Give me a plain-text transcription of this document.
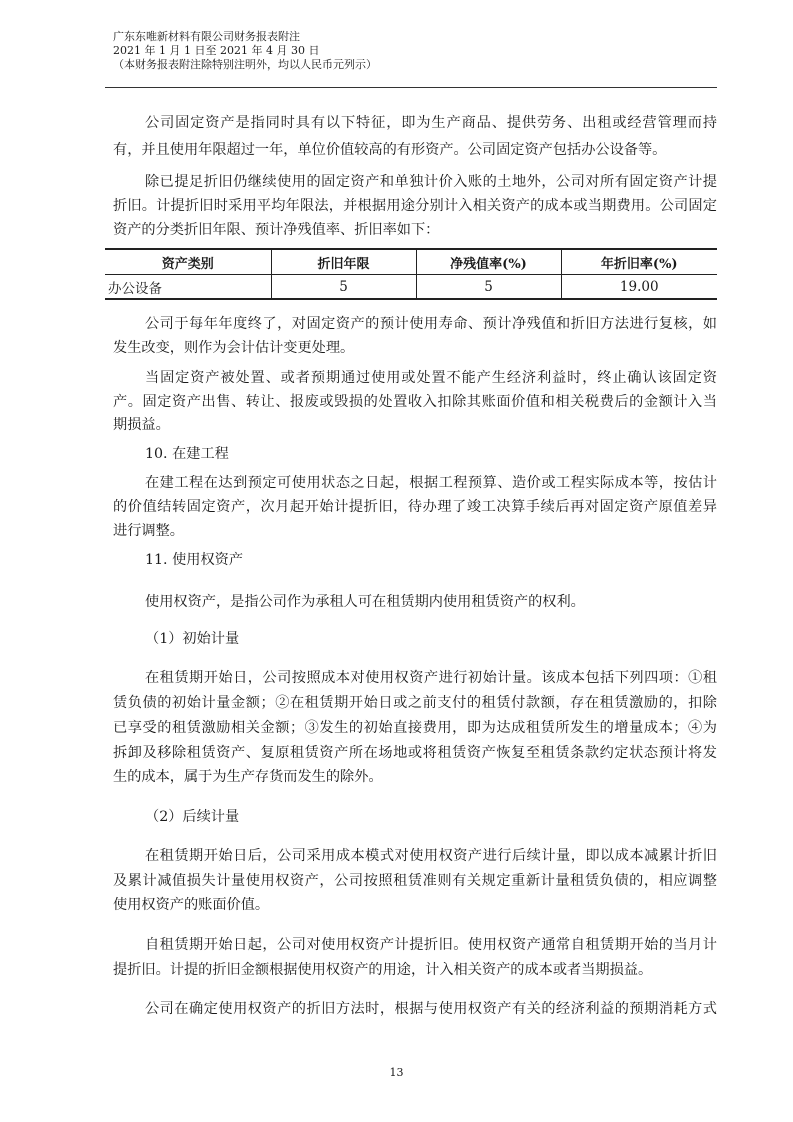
广东东唯新材料有限公司财务报表附注
2021 年 1 月 1 日至 2021 年 4 月 30 日
（本财务报表附注除特别注明外，均以人民币元列示）
公司固定资产是指同时具有以下特征，即为生产商品、提供劳务、出租或经营管理而持
有，并且使用年限超过一年，单位价值较高的有形资产。公司固定资产包括办公设备等。
除已提足折旧仍继续使用的固定资产和单独计价入账的土地外，公司对所有固定资产计提
折旧。计提折旧时采用平均年限法，并根据用途分别计入相关资产的成本或当期费用。公司固定
资产的分类折旧年限、预计净残值率、折旧率如下：
资产类别	折旧年限	净残值率(%)	年折旧率(%)
办公设备	5	5	19.00
公司于每年年度终了，对固定资产的预计使用寿命、预计净残值和折旧方法进行复核，如
发生改变，则作为会计估计变更处理。
当固定资产被处置、或者预期通过使用或处置不能产生经济利益时，终止确认该固定资
产。固定资产出售、转让、报废或毁损的处置收入扣除其账面价值和相关税费后的金额计入当
期损益。
10. 在建工程
在建工程在达到预定可使用状态之日起，根据工程预算、造价或工程实际成本等，按估计
的价值结转固定资产，次月起开始计提折旧，待办理了竣工决算手续后再对固定资产原值差异
进行调整。
11. 使用权资产
使用权资产，是指公司作为承租人可在租赁期内使用租赁资产的权利。
（1）初始计量
在租赁期开始日，公司按照成本对使用权资产进行初始计量。该成本包括下列四项：①租
赁负债的初始计量金额；②在租赁期开始日或之前支付的租赁付款额，存在租赁激励的，扣除
已享受的租赁激励相关金额；③发生的初始直接费用，即为达成租赁所发生的增量成本；④为
拆卸及移除租赁资产、复原租赁资产所在场地或将租赁资产恢复至租赁条款约定状态预计将发
生的成本，属于为生产存货而发生的除外。
（2）后续计量
在租赁期开始日后，公司采用成本模式对使用权资产进行后续计量，即以成本减累计折旧
及累计减值损失计量使用权资产，公司按照租赁准则有关规定重新计量租赁负债的，相应调整
使用权资产的账面价值。
自租赁期开始日起，公司对使用权资产计提折旧。使用权资产通常自租赁期开始的当月计
提折旧。计提的折旧金额根据使用权资产的用途，计入相关资产的成本或者当期损益。
公司在确定使用权资产的折旧方法时，根据与使用权资产有关的经济利益的预期消耗方式
13
